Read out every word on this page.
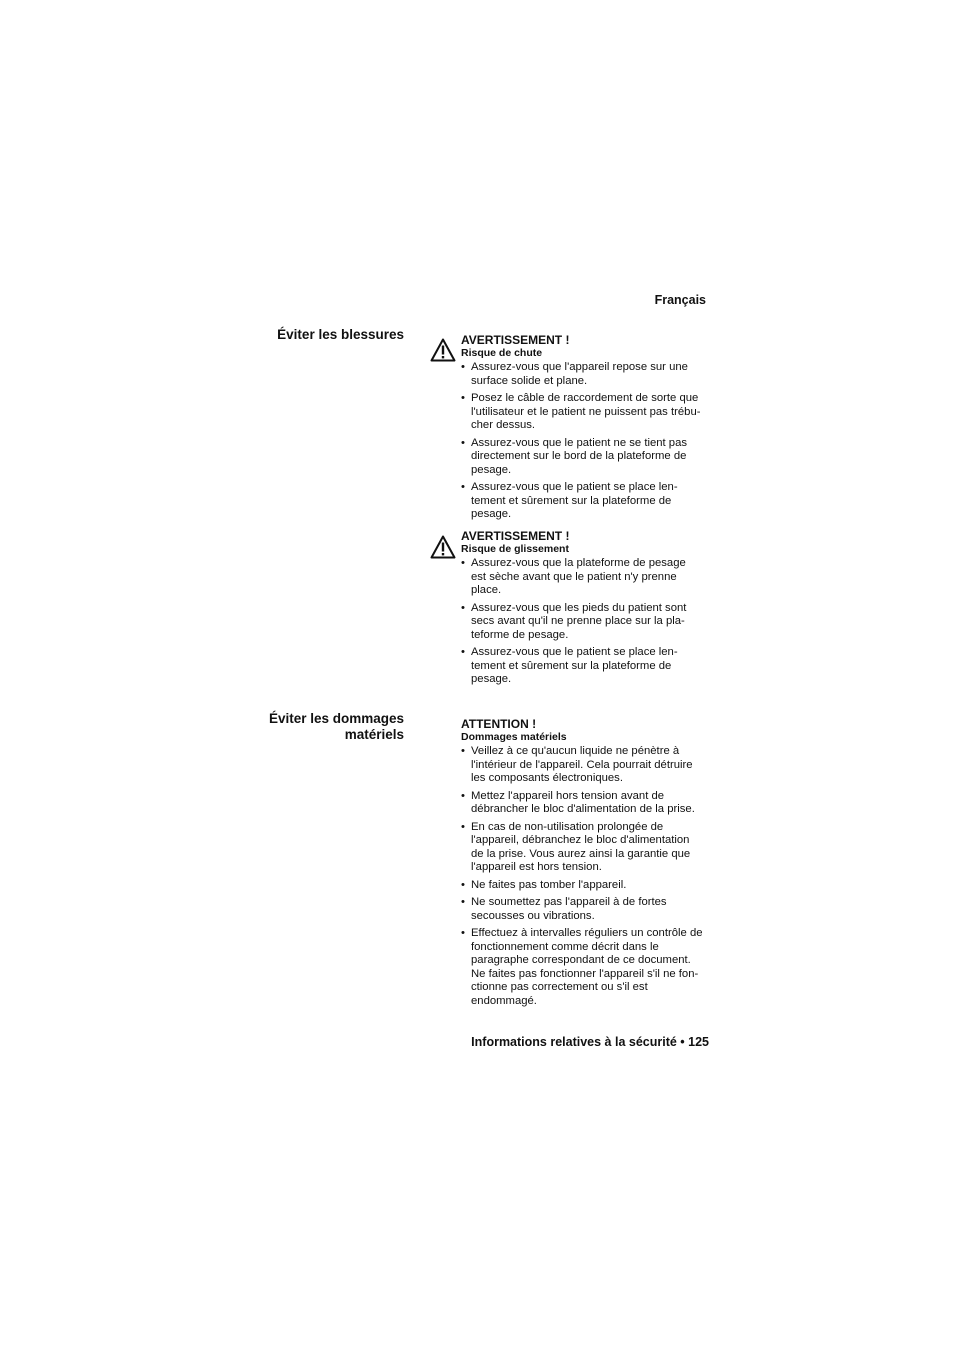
Français
Éviter les blessures	AVERTISSEMENT !
Risque de chute
• Assurez-vous que l'appareil repose sur une
surface solide et plane.
• Posez le câble de raccordement de sorte que
l'utilisateur et le patient ne puissent pas trébu-
cher dessus.
• Assurez-vous que le patient ne se tient pas
directement sur le bord de la plateforme de
pesage.
• Assurez-vous que le patient se place len-
tement et sûrement sur la plateforme de
pesage.
AVERTISSEMENT !
Risque de glissement
• Assurez-vous que la plateforme de pesage
est sèche avant que le patient n'y prenne
place.
• Assurez-vous que les pieds du patient sont
secs avant qu'il ne prenne place sur la pla-
teforme de pesage.
• Assurez-vous que le patient se place len-
tement et sûrement sur la plateforme de
pesage.
Éviter les dommages
matériels
ATTENTION !
Dommages matériels
• Veillez à ce qu'aucun liquide ne pénètre à
l'intérieur de l'appareil. Cela pourrait détruire
les composants électroniques.
• Mettez l'appareil hors tension avant de
débrancher le bloc d'alimentation de la prise.
• En cas de non-utilisation prolongée de
l'appareil, débranchez le bloc d'alimentation
de la prise. Vous aurez ainsi la garantie que
l'appareil est hors tension.
• Ne faites pas tomber l'appareil.
• Ne soumettez pas l'appareil à de fortes
secousses ou vibrations.
• Effectuez à intervalles réguliers un contrôle de
fonctionnement comme décrit dans le
paragraphe correspondant de ce document.
Ne faites pas fonctionner l'appareil s'il ne fon-
ctionne pas correctement ou s'il est
endommagé.
Informations relatives à la sécurité • 125
